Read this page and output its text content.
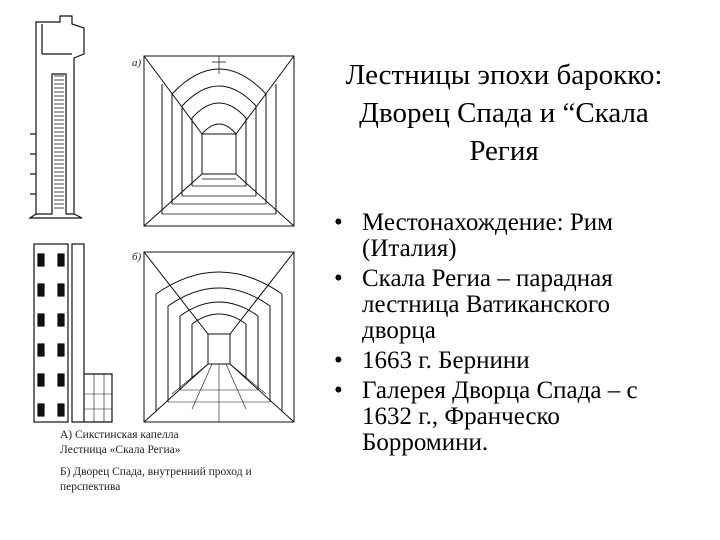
а)
б)

А) Сикстинская капелла

Лестница «Скала Региа»

Б) Дворец Спада, внутренний проход и

перспектива

Лестницы эпохи барокко:
Дворец Спада и “Скала
Регия
• Местонахождение: Рим
(Италия)
• Скала Региа – парадная
лестница Ватиканского
дворца
• 1663 г. Бернини
• Галерея Дворца Спада – с
1632 г., Франческо
Борромини.
